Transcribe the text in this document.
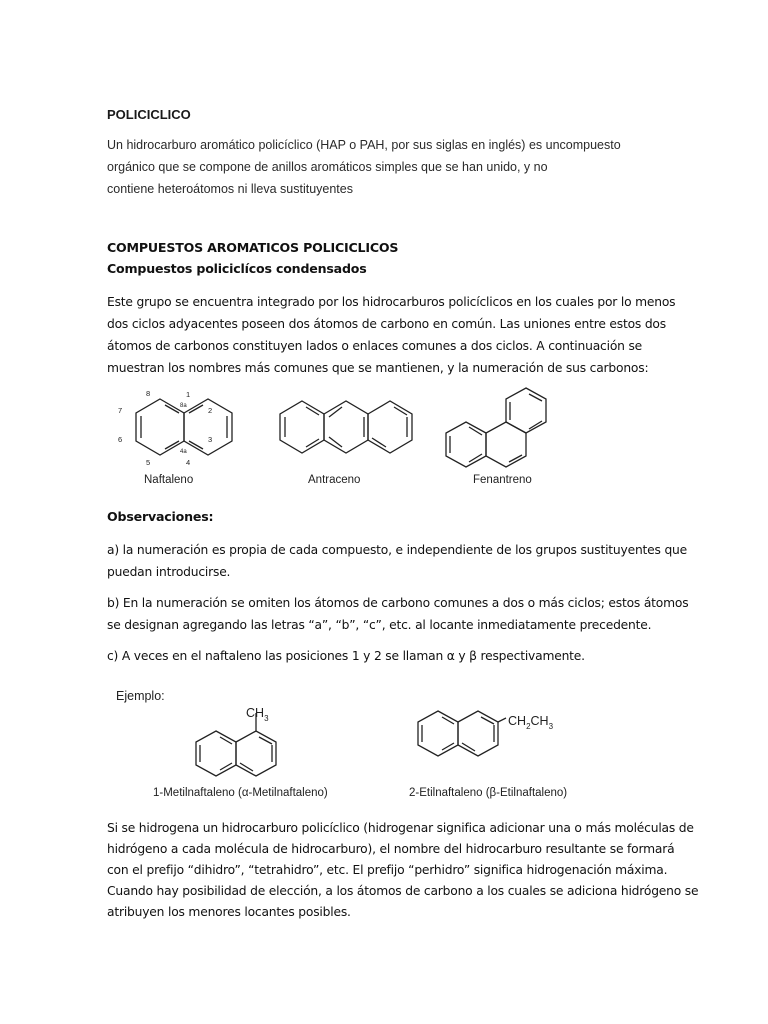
POLICICLICO
Un hidrocarburo aromático policíclico (HAP o PAH, por sus siglas en inglés) es uncompuesto
orgánico que se compone de anillos aromáticos simples que se han unido, y no
contiene heteroátomos ni lleva sustituyentes
COMPUESTOS AROMATICOS POLICICLICOS
Compuestos policiclícos condensados
Este grupo se encuentra integrado por los hidrocarburos policíclicos en los cuales por lo menos
dos ciclos adyacentes poseen dos átomos de carbono en común. Las uniones entre estos dos
átomos de carbonos constituyen lados o enlaces comunes a dos ciclos. A continuación se
muestran los nombres más comunes que se mantienen, y la numeración de sus carbonos:
8
8a
1
7	2
6
4a
3
5	4
Naftaleno	Antraceno	Fenantreno
Observaciones:
a) la numeración es propia de cada compuesto, e independiente de los grupos sustituyentes que
puedan introducirse.
b) En la numeración se omiten los átomos de carbono comunes a dos o más ciclos; estos átomos
se designan agregando las letras “a”, “b”, “c”, etc. al locante inmediatamente precedente.
c) A veces en el naftaleno las posiciones 1 y 2 se llaman α y β respectivamente.
Ejemplo:
$CH_3$	$CH_2CH_3$
1-Metilnaftaleno (α-Metilnaftaleno)	2-Etilnaftaleno (β-Etilnaftaleno)
Si se hidrogena un hidrocarburo policíclico (hidrogenar significa adicionar una o más moléculas de
hidrógeno a cada molécula de hidrocarburo), el nombre del hidrocarburo resultante se formará
con el prefijo “dihidro”, “tetrahidro”, etc. El prefijo “perhidro” significa hidrogenación máxima.
Cuando hay posibilidad de elección, a los átomos de carbono a los cuales se adiciona hidrógeno se
atribuyen los menores locantes posibles.
